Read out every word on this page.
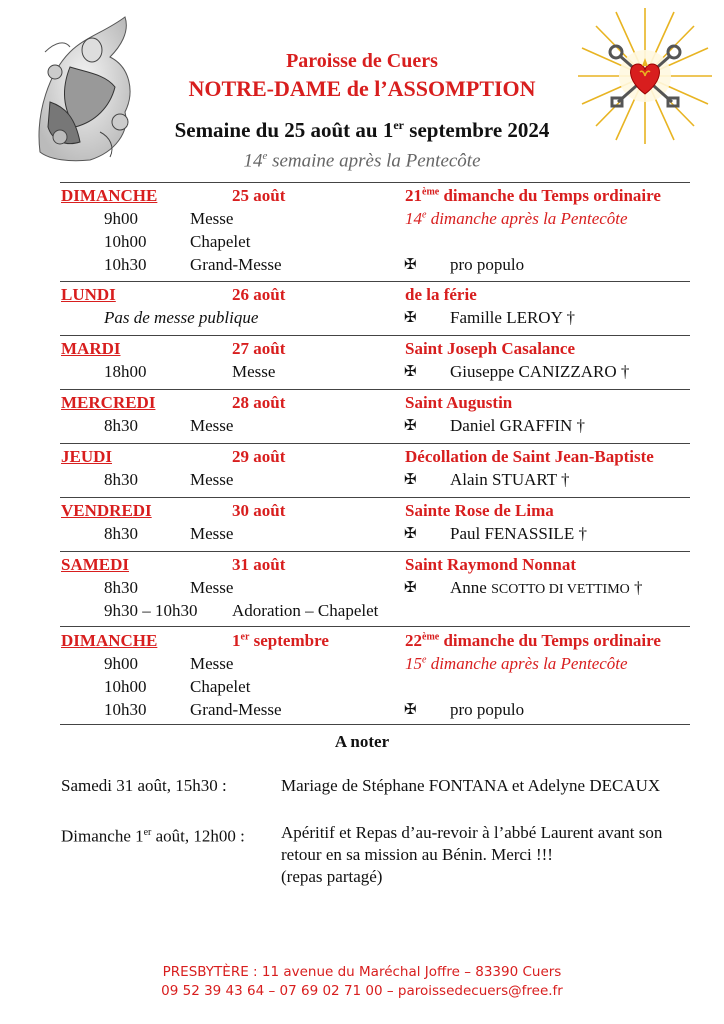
Paroisse de Cuers
NOTRE-DAME de l’ASSOMPTION
Semaine du 25 août au 1er septembre 2024
14e semaine après la Pentecôte
DIMANCHE	25 août	21ème dimanche du Temps ordinaire
9h00	Messe	14e dimanche après la Pentecôte
10h00	Chapelet
10h30	Grand-Messe	✠ pro populo
LUNDI	26 août	de la férie
Pas de messe publique	✠ Famille LEROY †
MARDI	27 août	Saint Joseph Casalance
18h00	Messe	✠ Giuseppe CANIZZARO †
MERCREDI	28 août	Saint Augustin
8h30	Messe	✠ Daniel GRAFFIN †
JEUDI	29 août	Décollation de Saint Jean-Baptiste
8h30	Messe	✠ Alain STUART †
VENDREDI	30 août	Sainte Rose de Lima
8h30	Messe	✠ Paul FENASSILE †
SAMEDI	31 août	Saint Raymond Nonnat
8h30	Messe	✠ Anne SCOTTO DI VETTIMO †
9h30 – 10h30 Adoration – Chapelet
DIMANCHE	1er septembre	22ème dimanche du Temps ordinaire
9h00	Messe	15e dimanche après la Pentecôte
10h00	Chapelet
10h30	Grand-Messe	✠ pro populo
A noter
Samedi 31 août, 15h30 :	Mariage de Stéphane FONTANA et Adelyne DECAUX
Dimanche 1er août, 12h00 : Apéritif et Repas d’au-revoir à l’abbé Laurent avant son
retour en sa mission au Bénin. Merci !!!
(repas partagé)
PRESBYTÈRE : 11 avenue du Maréchal Joffre – 83390 Cuers
09 52 39 43 64 – 07 69 02 71 00 – paroissedecuers@free.fr
